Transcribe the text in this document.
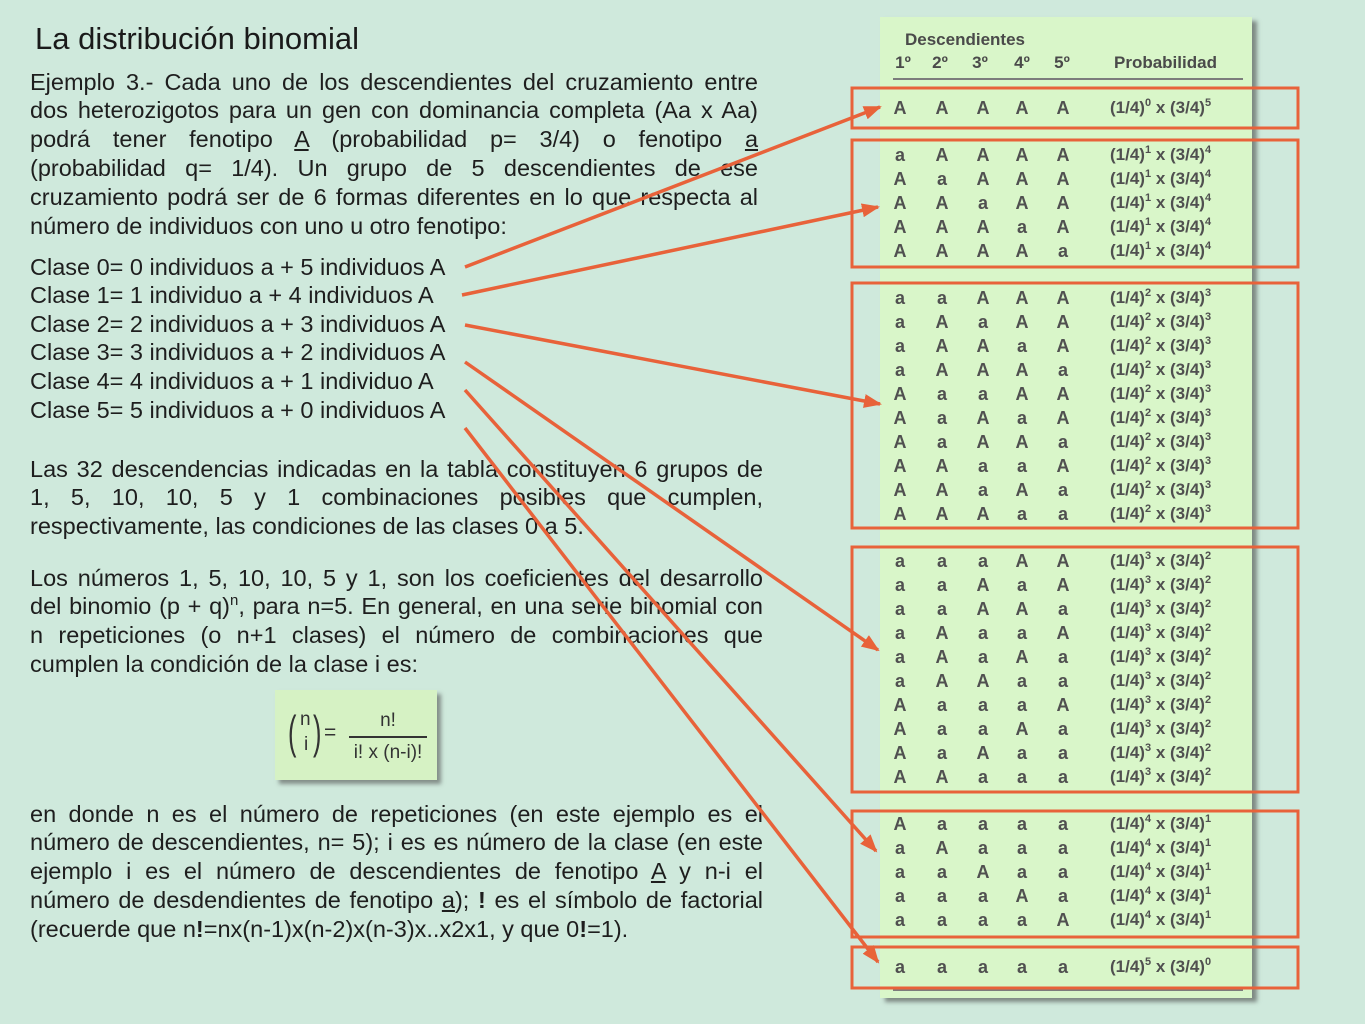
La distribución binomial
Ejemplo 3.- Cada uno de los descendientes del cruzamiento entre
dos heterozigotos para un gen con dominancia completa (Aa x Aa)
podrá tener fenotipo A (probabilidad p= 3/4) o fenotipo a
(probabilidad q= 1/4). Un grupo de 5 descendientes de ese
cruzamiento podrá ser de 6 formas diferentes en lo que respecta al
número de individuos con uno u otro fenotipo:
Clase 0= 0 individuos a + 5 individuos A
Clase 1= 1 individuo a + 4 individuos A
Clase 2= 2 individuos a + 3 individuos A
Clase 3= 3 individuos a + 2 individuos A
Clase 4= 4 individuos a + 1 individuo A
Clase 5= 5 individuos a + 0 individuos A
Las 32 descendencias indicadas en la tabla constituyen 6 grupos de
1, 5, 10, 10, 5 y 1 combinaciones posibles que cumplen,
respectivamente, las condiciones de las clases 0 a 5.
Los números 1, 5, 10, 10, 5 y 1, son los coeficientes del desarrollo
del binomio $(p + q)^n$, para n=5. En general, en una serie binomial con
n repeticiones (o n+1 clases) el número de combinaciones que
cumplen la condición de la clase i es:
( n
i ) =
n!
i! x (n-i)!
en donde n es el número de repeticiones (en este ejemplo es el
número de descendientes, n= 5); i es es número de la clase (en este
ejemplo i es el número de descendientes de fenotipo A y n-i el
número de desdendientes de fenotipo a); ! es el símbolo de factorial
(recuerde que n!=nx(n-1)x(n-2)x(n-3)x..x2x1, y que 0!=1).
Descendientes
1º	2º	3º	4º	5º	Probabilidad
A	A	A	A	A	$(1/4)^0$ x $(3/4)^5$
a	A	A	A	A	$(1/4)^1$ x $(3/4)^4$
A	a	A	A	A	$(1/4)^1$ x $(3/4)^4$
A	A	a	A	A	$(1/4)^1$ x $(3/4)^4$
A	A	A	a	A	$(1/4)^1$ x $(3/4)^4$
A	A	A	A	a	$(1/4)^1$ x $(3/4)^4$
a	a	A	A	A	$(1/4)^2$ x $(3/4)^3$
a	A	a	A	A	$(1/4)^2$ x $(3/4)^3$
a	A	A	a	A	$(1/4)^2$ x $(3/4)^3$
a	A	A	A	a	$(1/4)^2$ x $(3/4)^3$
A	a	a	A	A	$(1/4)^2$ x $(3/4)^3$
A	a	A	a	A	$(1/4)^2$ x $(3/4)^3$
A	a	A	A	a	$(1/4)^2$ x $(3/4)^3$
A	A	a	a	A	$(1/4)^2$ x $(3/4)^3$
A	A	a	A	a	$(1/4)^2$ x $(3/4)^3$
A	A	A	a	a	$(1/4)^2$ x $(3/4)^3$
a	a	a	A	A	$(1/4)^3$ x $(3/4)^2$
a	a	A	a	A	$(1/4)^3$ x $(3/4)^2$
a	a	A	A	a	$(1/4)^3$ x $(3/4)^2$
a	A	a	a	A	$(1/4)^3$ x $(3/4)^2$
a	A	a	A	a	$(1/4)^3$ x $(3/4)^2$
a	A	A	a	a	$(1/4)^3$ x $(3/4)^2$
A	a	a	a	A	$(1/4)^3$ x $(3/4)^2$
A	a	a	A	a	$(1/4)^3$ x $(3/4)^2$
A	a	A	a	a	$(1/4)^3$ x $(3/4)^2$
A	A	a	a	a	$(1/4)^3$ x $(3/4)^2$
A	a	a	a	a	$(1/4)^4$ x $(3/4)^1$
a	A	a	a	a	$(1/4)^4$ x $(3/4)^1$
a	a	A	a	a	$(1/4)^4$ x $(3/4)^1$
a	a	a	A	a	$(1/4)^4$ x $(3/4)^1$
a	a	a	a	A	$(1/4)^4$ x $(3/4)^1$
a	a	a	a	a	$(1/4)^5$ x $(3/4)^0$
